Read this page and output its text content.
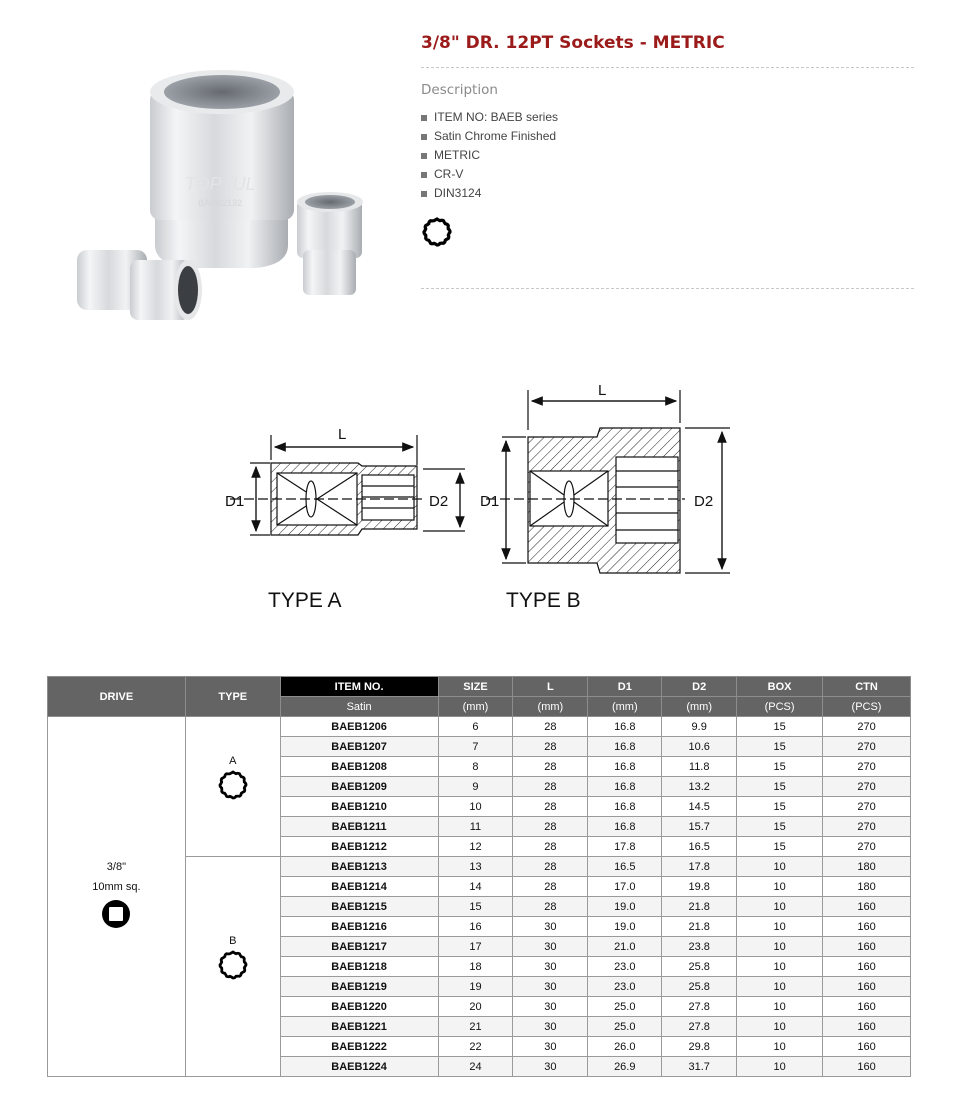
TOPTUL
BAEB2132
3/8" DR. 12PT Sockets - METRIC
Description
ITEM NO: BAEB series
Satin Chrome Finished
METRIC
CR-V
DIN3124
L
D1	D2
L
D1	D2
TYPE A	TYPE B
DRIVE	TYPE	ITEM NO.	SIZE	L	D1	D2	BOX	CTN
		Satin	(mm)	(mm)	(mm)	(mm)	(PCS)	(PCS)

3/8"
10mm sq.	A	BAEB1206	6	28	16.8	9.9	15	270
		BAEB1207	7	28	16.8	10.6	15	270
		BAEB1208	8	28	16.8	11.8	15	270
		BAEB1209	9	28	16.8	13.2	15	270
		BAEB1210	10	28	16.8	14.5	15	270
		BAEB1211	11	28	16.8	15.7	15	270
		BAEB1212	12	28	17.8	16.5	15	270

	B	BAEB1213	13	28	16.5	17.8	10	180
		BAEB1214	14	28	17.0	19.8	10	180
		BAEB1215	15	28	19.0	21.8	10	160
		BAEB1216	16	30	19.0	21.8	10	160
		BAEB1217	17	30	21.0	23.8	10	160
		BAEB1218	18	30	23.0	25.8	10	160
		BAEB1219	19	30	23.0	25.8	10	160
		BAEB1220	20	30	25.0	27.8	10	160
		BAEB1221	21	30	25.0	27.8	10	160
		BAEB1222	22	30	26.0	29.8	10	160
		BAEB1224	24	30	26.9	31.7	10	160
